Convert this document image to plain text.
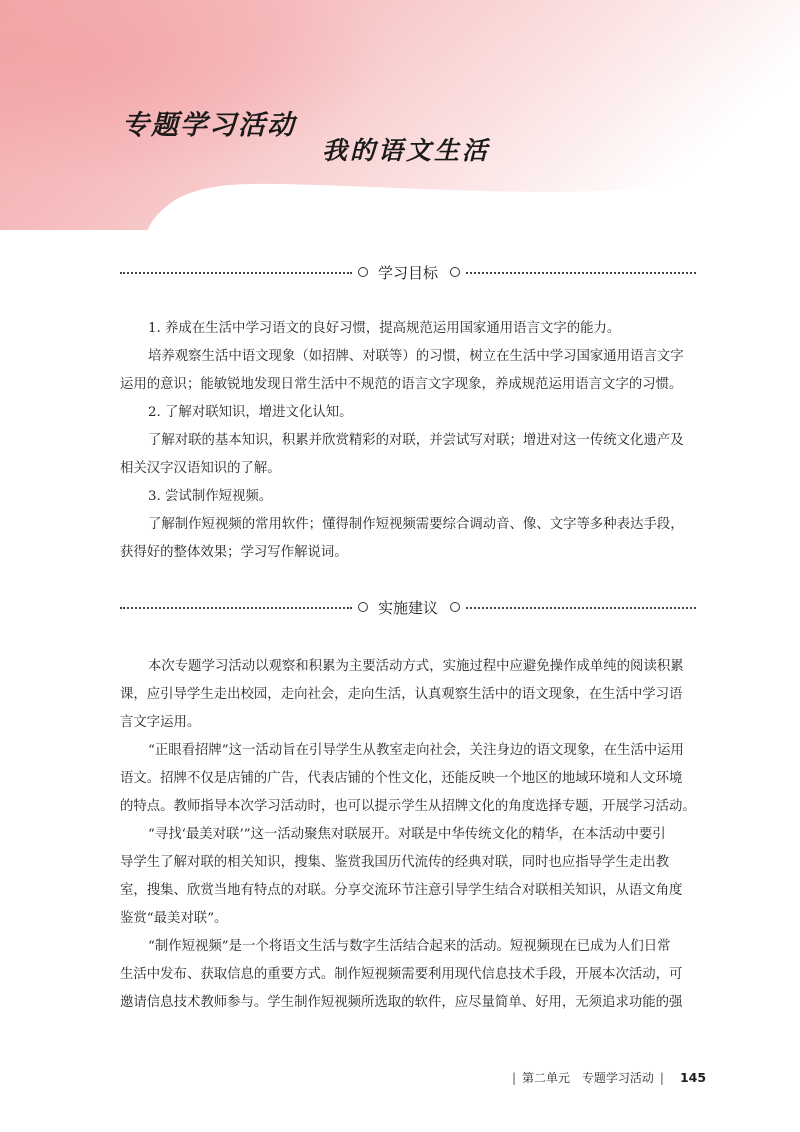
专题学习活动
我的语文生活
学习目标

1. 养成在生活中学习语文的良好习惯，提高规范运用国家通用语言文字的能力。

培养观察生活中语文现象（如招牌、对联等）的习惯，树立在生活中学习国家通用语言文字

运用的意识；能敏锐地发现日常生活中不规范的语言文字现象，养成规范运用语言文字的习惯。

2. 了解对联知识，增进文化认知。

了解对联的基本知识，积累并欣赏精彩的对联，并尝试写对联；增进对这一传统文化遗产及

相关汉字汉语知识的了解。

3. 尝试制作短视频。

了解制作短视频的常用软件；懂得制作短视频需要综合调动音、像、文字等多种表达手段，

获得好的整体效果；学习写作解说词。

实施建议

本次专题学习活动以观察和积累为主要活动方式，实施过程中应避免操作成单纯的阅读积累

课，应引导学生走出校园，走向社会，走向生活，认真观察生活中的语文现象，在生活中学习语

言文字运用。

“正眼看招牌”这一活动旨在引导学生从教室走向社会，关注身边的语文现象，在生活中运用

语文。招牌不仅是店铺的广告，代表店铺的个性文化，还能反映一个地区的地域环境和人文环境

的特点。教师指导本次学习活动时，也可以提示学生从招牌文化的角度选择专题，开展学习活动。

“寻找‘最美对联’”这一活动聚焦对联展开。对联是中华传统文化的精华，在本活动中要引

导学生了解对联的相关知识，搜集、鉴赏我国历代流传的经典对联，同时也应指导学生走出教

室，搜集、欣赏当地有特点的对联。分享交流环节注意引导学生结合对联相关知识，从语文角度

鉴赏“最美对联”。

“制作短视频”是一个将语文生活与数字生活结合起来的活动。短视频现在已成为人们日常

生活中发布、获取信息的重要方式。制作短视频需要利用现代信息技术手段，开展本次活动，可

邀请信息技术教师参与。学生制作短视频所选取的软件，应尽量简单、好用，无须追求功能的强

| 第二单元 专题学习活动 | 145
